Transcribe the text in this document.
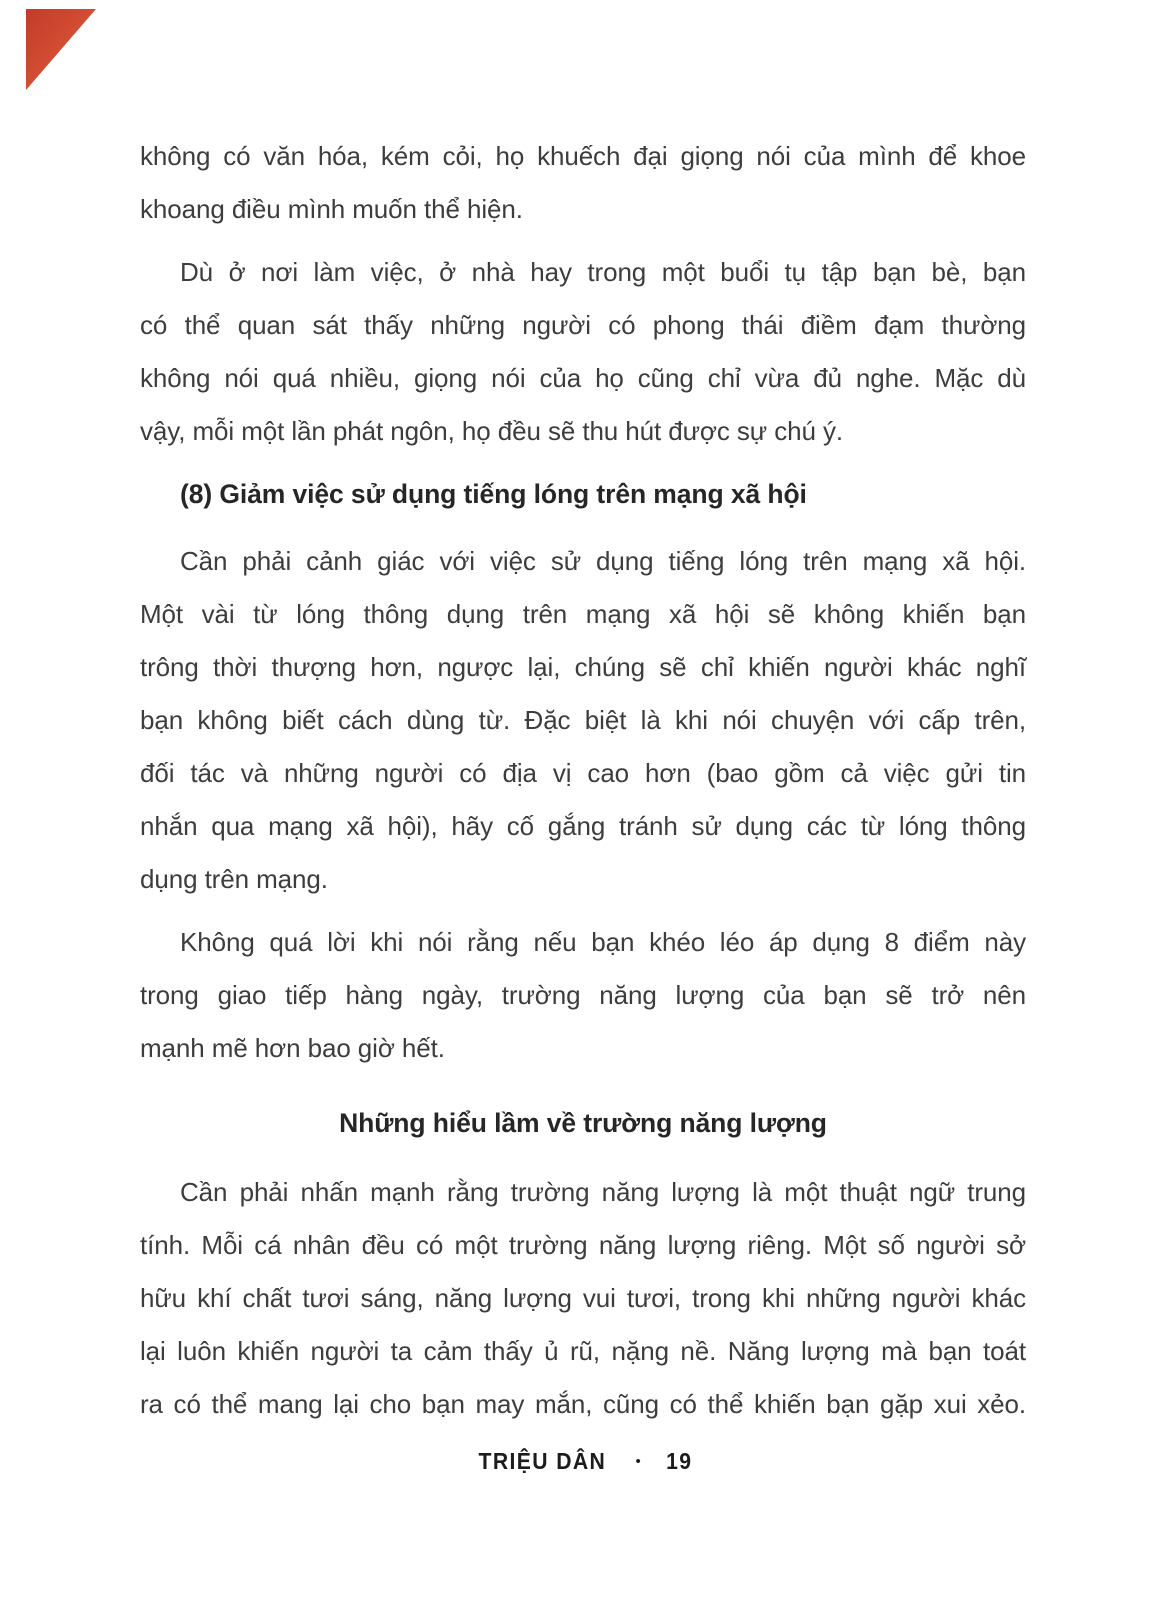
không có văn hóa, kém cỏi, họ khuếch đại giọng nói của mình để khoe
khoang điều mình muốn thể hiện.
Dù ở nơi làm việc, ở nhà hay trong một buổi tụ tập bạn bè, bạn
có thể quan sát thấy những người có phong thái điềm đạm thường
không nói quá nhiều, giọng nói của họ cũng chỉ vừa đủ nghe. Mặc dù
vậy, mỗi một lần phát ngôn, họ đều sẽ thu hút được sự chú ý.
(8) Giảm việc sử dụng tiếng lóng trên mạng xã hội
Cần phải cảnh giác với việc sử dụng tiếng lóng trên mạng xã hội.
Một vài từ lóng thông dụng trên mạng xã hội sẽ không khiến bạn
trông thời thượng hơn, ngược lại, chúng sẽ chỉ khiến người khác nghĩ
bạn không biết cách dùng từ. Đặc biệt là khi nói chuyện với cấp trên,
đối tác và những người có địa vị cao hơn (bao gồm cả việc gửi tin
nhắn qua mạng xã hội), hãy cố gắng tránh sử dụng các từ lóng thông
dụng trên mạng.
Không quá lời khi nói rằng nếu bạn khéo léo áp dụng 8 điểm này
trong giao tiếp hàng ngày, trường năng lượng của bạn sẽ trở nên
mạnh mẽ hơn bao giờ hết.
Những hiểu lầm về trường năng lượng
Cần phải nhấn mạnh rằng trường năng lượng là một thuật ngữ trung
tính. Mỗi cá nhân đều có một trường năng lượng riêng. Một số người sở
hữu khí chất tươi sáng, năng lượng vui tươi, trong khi những người khác
lại luôn khiến người ta cảm thấy ủ rũ, nặng nề. Năng lượng mà bạn toát
ra có thể mang lại cho bạn may mắn, cũng có thể khiến bạn gặp xui xẻo.
TRIỆU DÂN • 19
